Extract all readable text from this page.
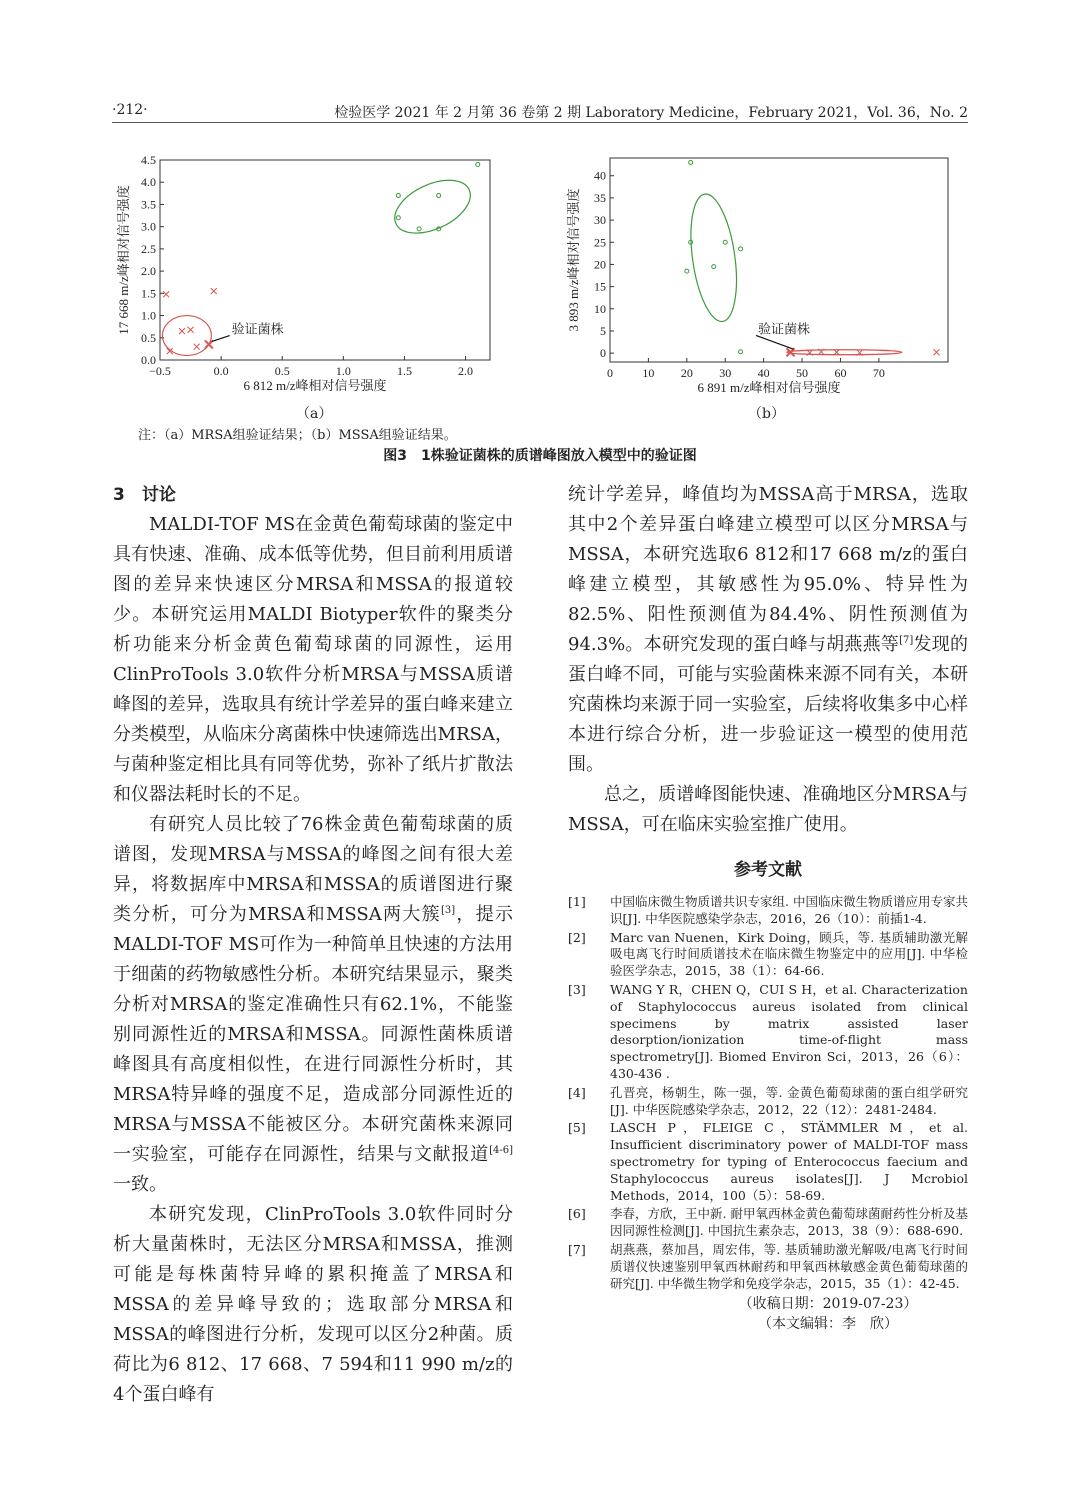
·212·	检验医学 2021 年 2 月第 36 卷第 2 期 Laboratory Medicine，February 2021，Vol. 36，No. 2
−0.5	0.0	0.5	1.0	1.5	2.0
0.0
0.5
1.0
1.5
2.0
2.5
3.0
3.5
4.0
4.5
6 812 m/z峰相对信号强度
17 668 m/z峰相对信号强度	验证菌株
0 10 20 30 40 50 60 70
0
5
10
15
20
25
30
35
40
6 891 m/z峰相对信号强度
3 893 m/z峰相对信号强度	验证菌株
（a）	（b）
注：（a）MRSA组验证结果；（b）MSSA组验证结果。
图3　1株验证菌株的质谱峰图放入模型中的验证图

3　讨论

MALDI-TOF MS在金黄色葡萄球菌的鉴定中具有快速、准确、成本低等优势，但目前利用质谱图的差异来快速区分MRSA和MSSA的报道较少。本研究运用MALDI Biotyper软件的聚类分析功能来分析金黄色葡萄球菌的同源性，运用ClinProTools 3.0软件分析MRSA与MSSA质谱峰图的差异，选取具有统计学差异的蛋白峰来建立分类模型，从临床分离菌株中快速筛选出MRSA，与菌种鉴定相比具有同等优势，弥补了纸片扩散法和仪器法耗时长的不足。

有研究人员比较了76株金黄色葡萄球菌的质谱图，发现MRSA与MSSA的峰图之间有很大差异，将数据库中MRSA和MSSA的质谱图进行聚类分析，可分为MRSA和MSSA两大簇[3]，提示MALDI-TOF MS可作为一种简单且快速的方法用于细菌的药物敏感性分析。本研究结果显示，聚类分析对MRSA的鉴定准确性只有62.1%，不能鉴别同源性近的MRSA和MSSA。同源性菌株质谱峰图具有高度相似性，在进行同源性分析时，其MRSA特异峰的强度不足，造成部分同源性近的MRSA与MSSA不能被区分。本研究菌株来源同一实验室，可能存在同源性，结果与文献报道[4-6]一致。

本研究发现，ClinProTools 3.0软件同时分析大量菌株时，无法区分MRSA和MSSA，推测可能是每株菌特异峰的累积掩盖了MRSA和MSSA的差异峰导致的；选取部分MRSA和MSSA的峰图进行分析，发现可以区分2种菌。质荷比为6 812、17 668、7 594和11 990 m/z的4个蛋白峰有

统计学差异，峰值均为MSSA高于MRSA，选取其中2个差异蛋白峰建立模型可以区分MRSA与MSSA，本研究选取6 812和17 668 m/z的蛋白峰建立模型，其敏感性为95.0%、特异性为82.5%、阳性预测值为84.4%、阴性预测值为94.3%。本研究发现的蛋白峰与胡燕燕等[7]发现的蛋白峰不同，可能与实验菌株来源不同有关，本研究菌株均来源于同一实验室，后续将收集多中心样本进行综合分析，进一步验证这一模型的使用范围。

总之，质谱峰图能快速、准确地区分MRSA与MSSA，可在临床实验室推广使用。

参考文献
[1] 中国临床微生物质谱共识专家组. 中国临床微生物质谱应用专家共识[J]. 中华医院感染学杂志，2016，26（10）：前插1-4.
[2] Marc van Nuenen，Kirk Doing，顾兵，等. 基质辅助激光解吸电离飞行时间质谱技术在临床微生物鉴定中的应用[J]. 中华检验医学杂志，2015，38（1）：64-66.
[3] WANG Y R，CHEN Q，CUI S H，et al. Characterization of Staphylococcus aureus isolated from clinical specimens by matrix assisted laser desorption/ionization time-of-flight mass spectrometry[J]. Biomed Environ Sci，2013，26（6）：430-436 .
[4] 孔晋亮，杨朝生，陈一强，等. 金黄色葡萄球菌的蛋白组学研究[J]. 中华医院感染学杂志，2012，22（12）：2481-2484.
[5] LASCH P，FLEIGE C，STÄMMLER M，et al. Insufficient discriminatory power of MALDI-TOF mass spectrometry for typing of Enterococcus faecium and Staphylococcus aureus isolates[J]. J Mcrobiol Methods，2014，100（5）：58-69.
[6] 李春，方欣，王中新. 耐甲氧西林金黄色葡萄球菌耐药性分析及基因同源性检测[J]. 中国抗生素杂志，2013，38（9）：688-690.
[7] 胡燕燕，蔡加昌，周宏伟，等. 基质辅助激光解吸/电离飞行时间质谱仪快速鉴别甲氧西林耐药和甲氧西林敏感金黄色葡萄球菌的研究[J]. 中华微生物学和免疫学杂志，2015，35（1）：42-45.
（收稿日期：2019-07-23）
（本文编辑：李　欣）
